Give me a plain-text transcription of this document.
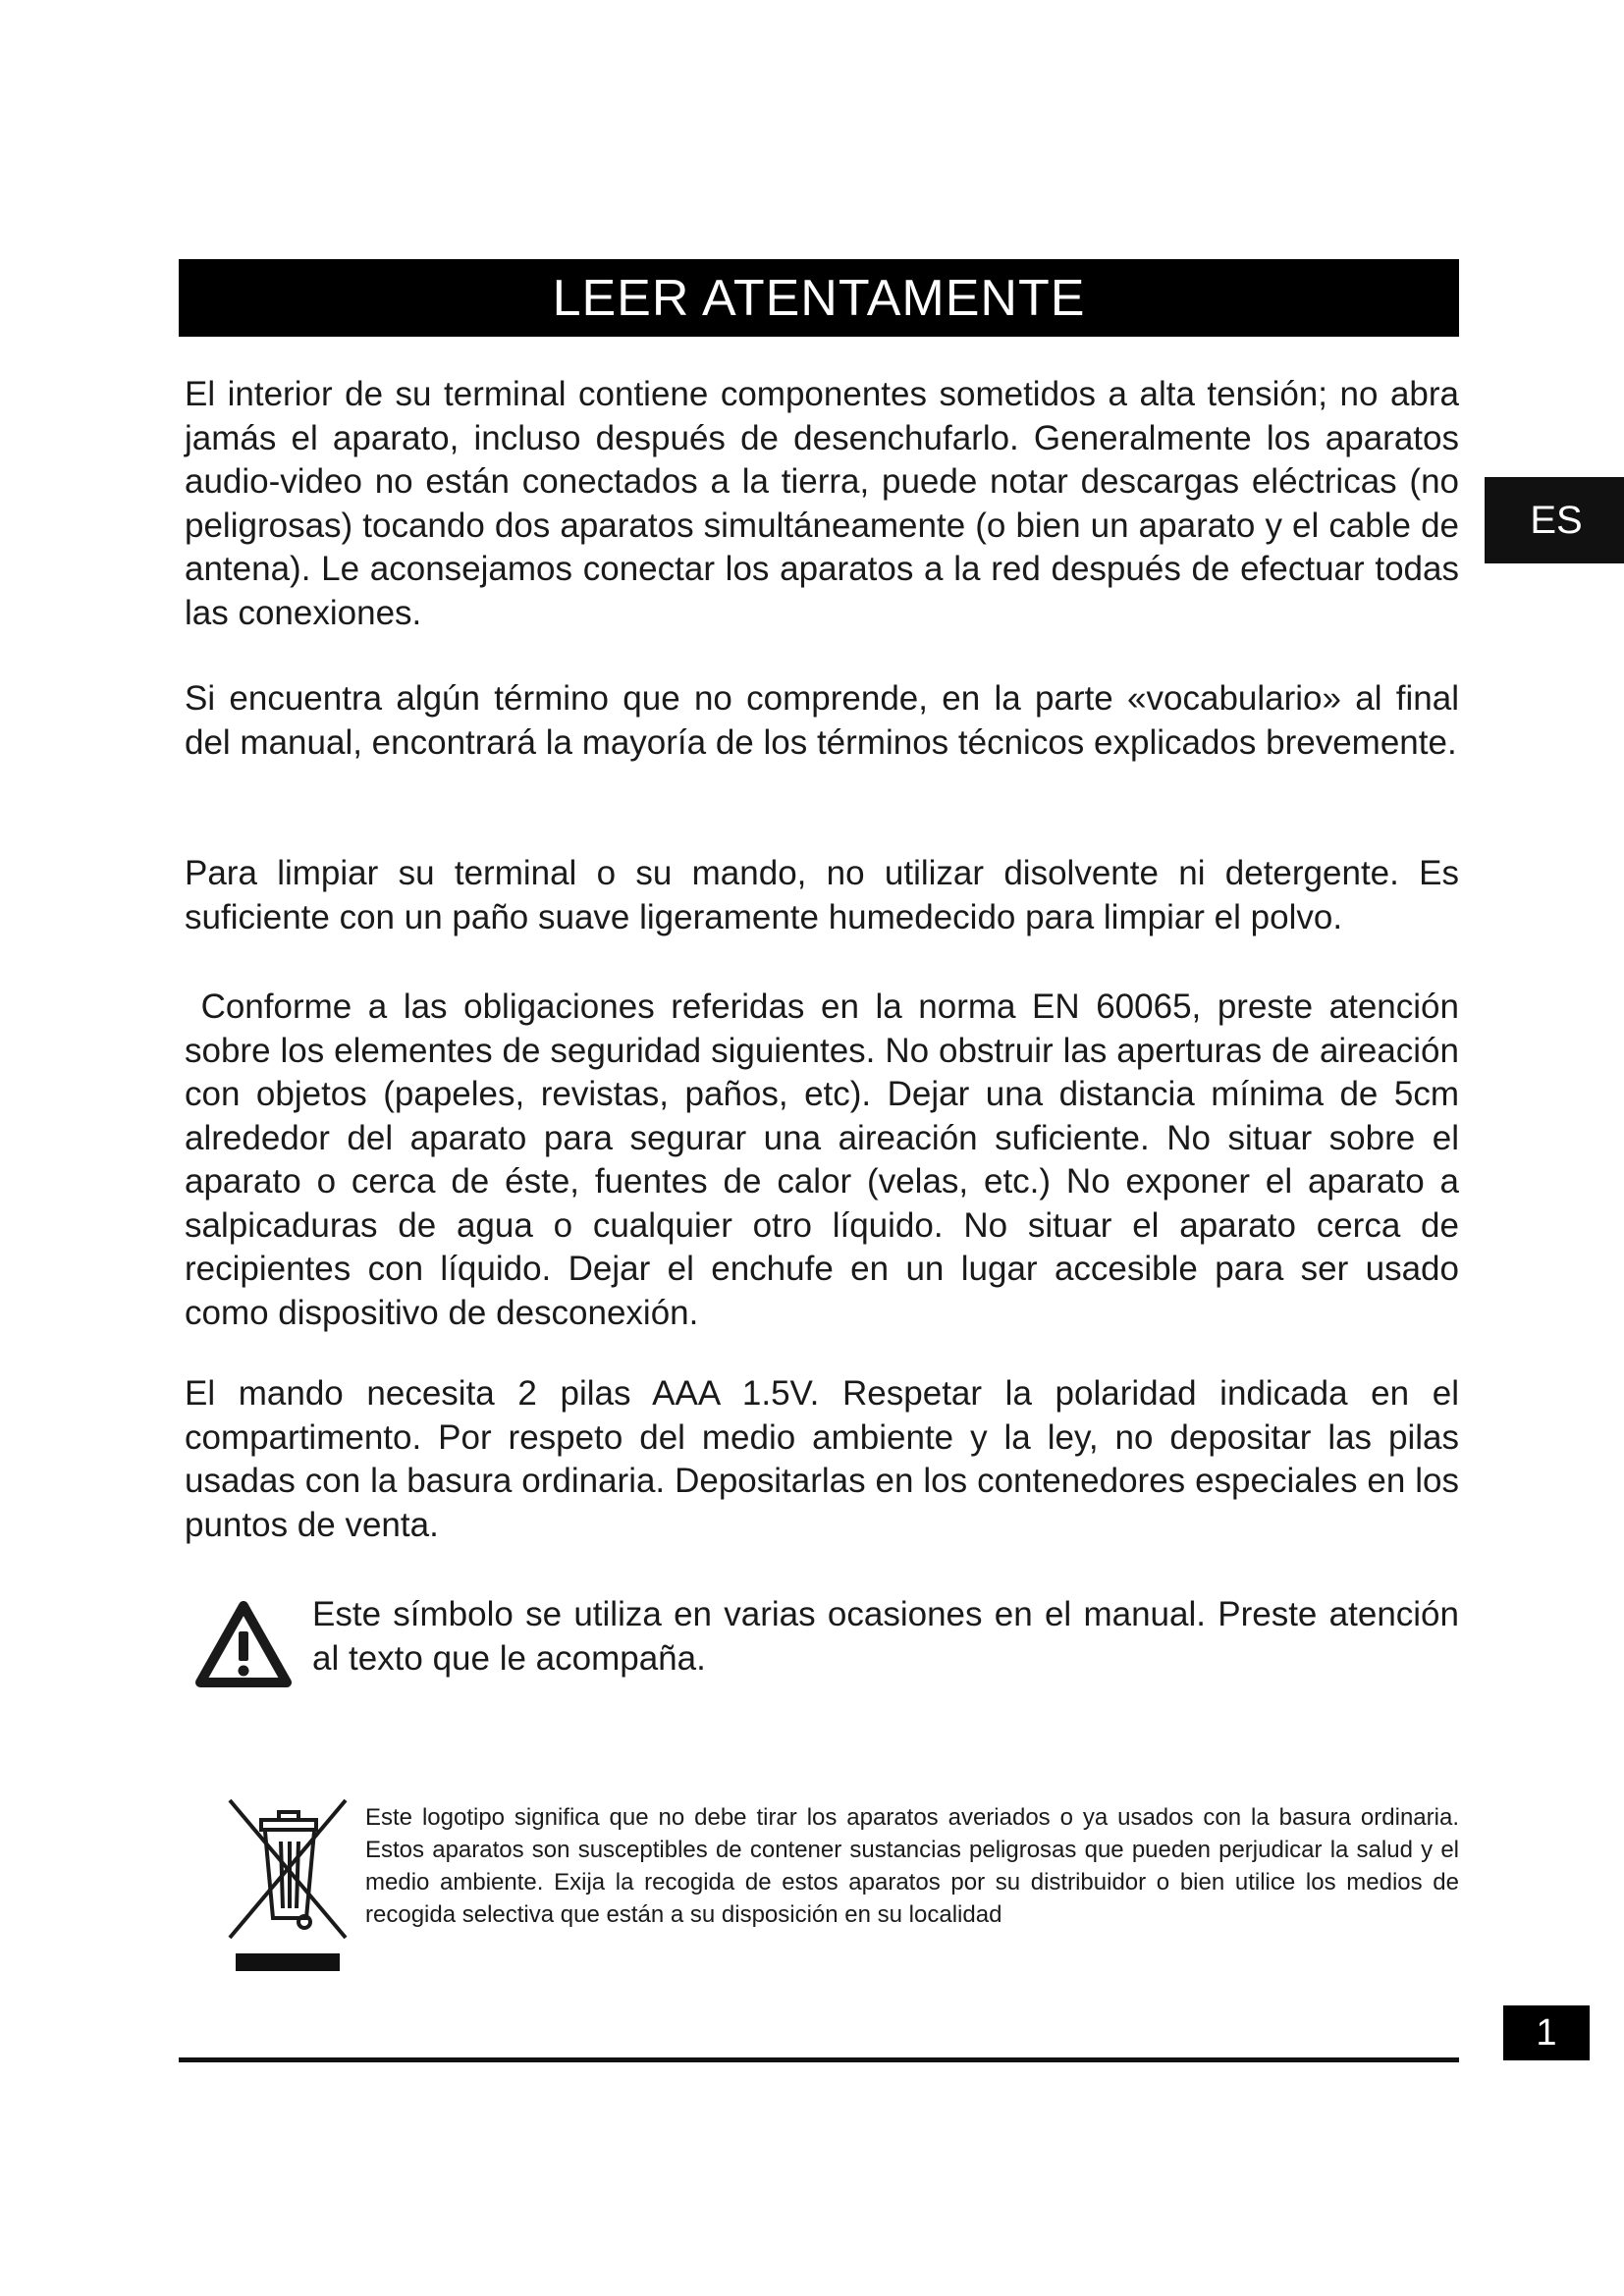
LEER ATENTAMENTE
ES

El interior de su terminal contiene componentes sometidos a alta tensión; no abra jamás el aparato, incluso después de desenchufarlo. Generalmente los aparatos audio-video no están conectados a la tierra, puede notar descargas eléctricas (no peligrosas) tocando dos aparatos simultáneamente (o bien un aparato y el cable de antena). Le aconsejamos conectar los aparatos a la red después de efectuar todas las conexiones.

Si encuentra algún término que no comprende, en la parte «vocabulario» al final del manual, encontrará la mayoría de los términos técnicos explicados brevemente.

Para limpiar su terminal o su mando, no utilizar disolvente ni detergente. Es suficiente con un paño suave ligeramente humedecido para limpiar el polvo.

Conforme a las obligaciones referidas en la norma EN 60065, preste atención sobre los elementes de seguridad siguientes. No obstruir las aperturas de aireación con objetos (papeles, revistas, paños, etc). Dejar una distancia mínima de 5cm alrededor del aparato para segurar una aireación suficiente. No situar sobre el aparato o cerca de éste, fuentes de calor (velas, etc.) No exponer el aparato a salpicaduras de agua o cualquier otro líquido. No situar el aparato cerca de recipientes con líquido. Dejar el enchufe en un lugar accesible para ser usado como dispositivo de desconexión.

El mando necesita 2 pilas AAA 1.5V. Respetar la polaridad indicada en el compartimento. Por respeto del medio ambiente y la ley, no depositar las pilas usadas con la basura ordinaria. Depositarlas en los contenedores especiales en los puntos de venta.

Este símbolo se utiliza en varias ocasiones en el manual. Preste atención al texto que le acompaña.

Este logotipo significa que no debe tirar los aparatos averiados o ya usados con la basura ordinaria. Estos aparatos son susceptibles de contener sustancias peligrosas que pueden perjudicar la salud y el medio ambiente. Exija la recogida de estos aparatos por su distribuidor o bien utilice los medios de recogida selectiva que están a su disposición en su localidad

1
